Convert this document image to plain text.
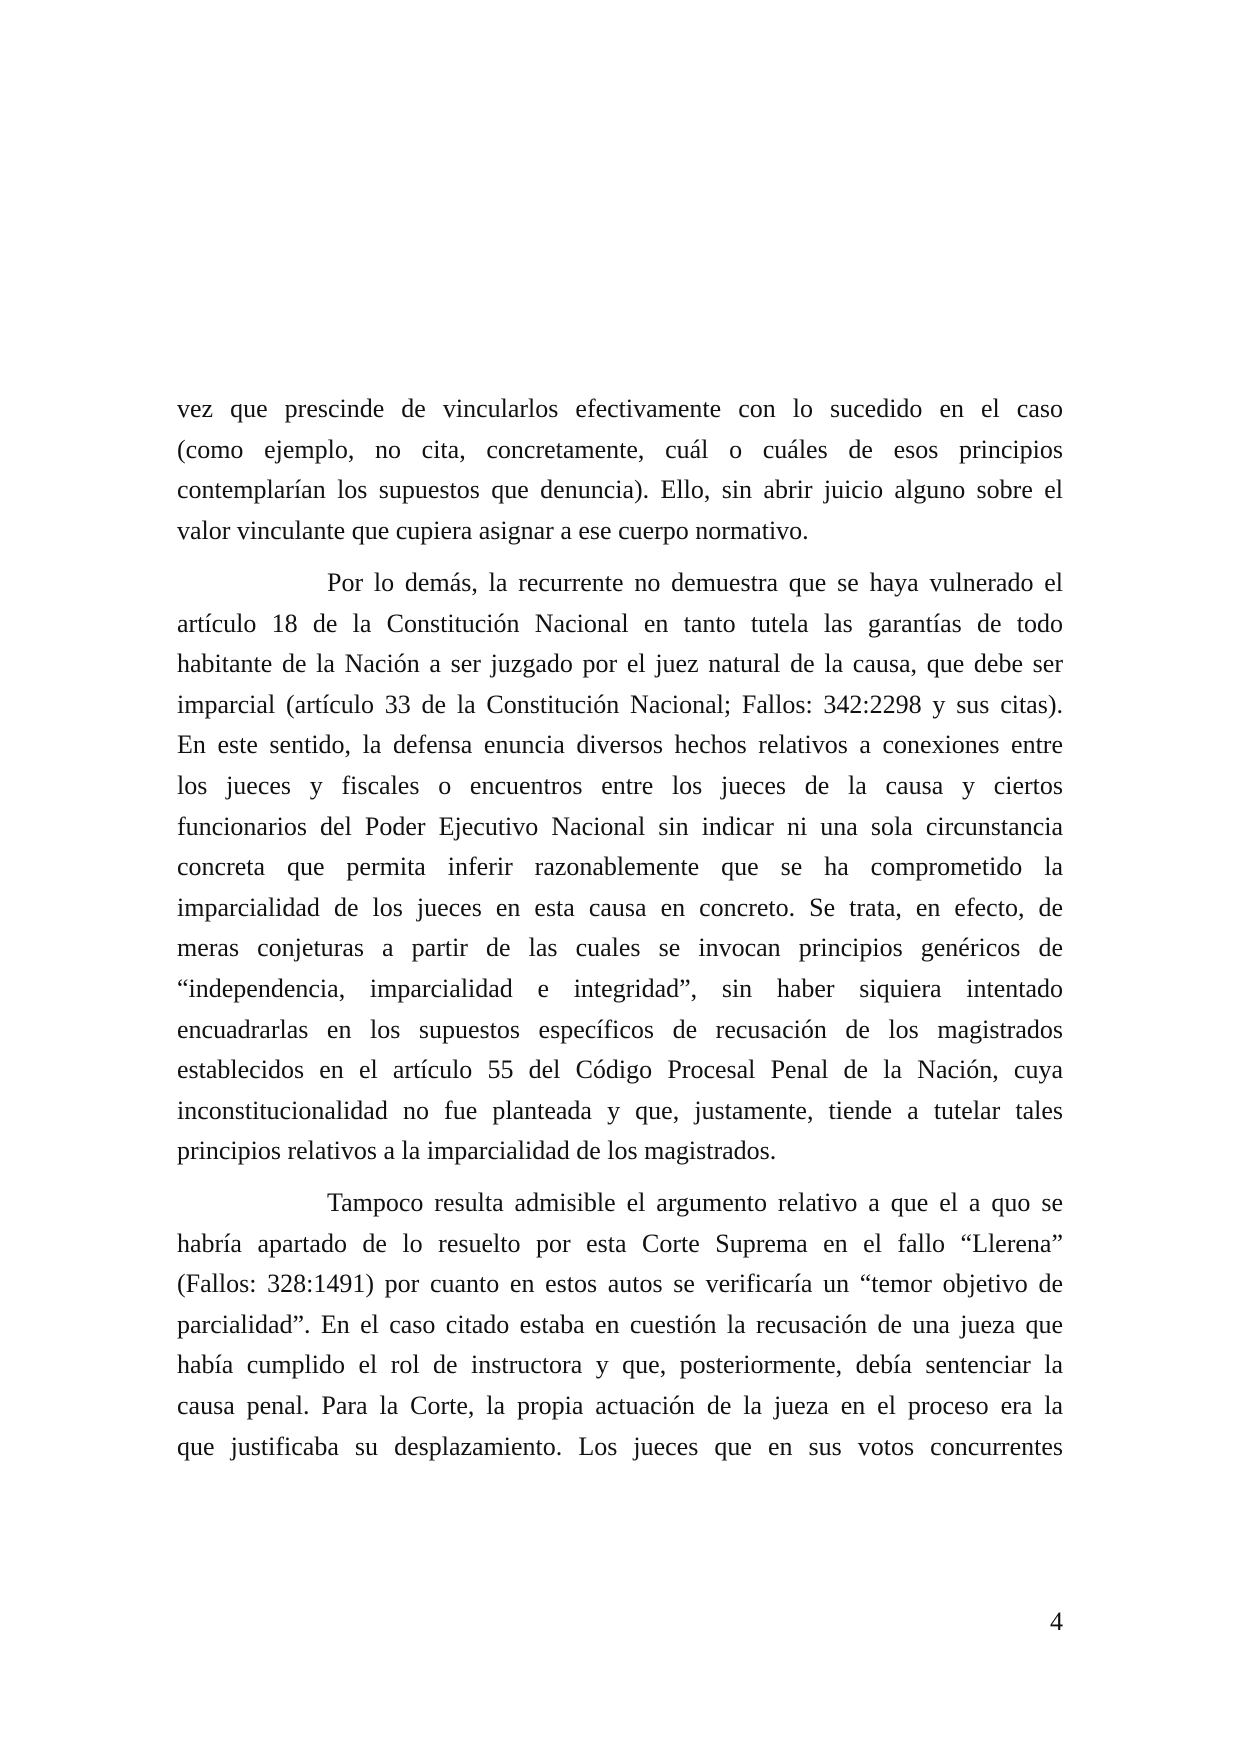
vez que prescinde de vincularlos efectivamente con lo sucedido en el caso
(como ejemplo, no cita, concretamente, cuál o cuáles de esos principios
contemplarían los supuestos que denuncia). Ello, sin abrir juicio alguno sobre el
valor vinculante que cupiera asignar a ese cuerpo normativo.
Por lo demás, la recurrente no demuestra que se haya vulnerado el
artículo 18 de la Constitución Nacional en tanto tutela las garantías de todo
habitante de la Nación a ser juzgado por el juez natural de la causa, que debe ser
imparcial (artículo 33 de la Constitución Nacional; Fallos: 342:2298 y sus citas).
En este sentido, la defensa enuncia diversos hechos relativos a conexiones entre
los jueces y fiscales o encuentros entre los jueces de la causa y ciertos
funcionarios del Poder Ejecutivo Nacional sin indicar ni una sola circunstancia
concreta que permita inferir razonablemente que se ha comprometido la
imparcialidad de los jueces en esta causa en concreto. Se trata, en efecto, de
meras conjeturas a partir de las cuales se invocan principios genéricos de
“independencia, imparcialidad e integridad”, sin haber siquiera intentado
encuadrarlas en los supuestos específicos de recusación de los magistrados
establecidos en el artículo 55 del Código Procesal Penal de la Nación, cuya
inconstitucionalidad no fue planteada y que, justamente, tiende a tutelar tales
principios relativos a la imparcialidad de los magistrados.
Tampoco resulta admisible el argumento relativo a que el a quo se
habría apartado de lo resuelto por esta Corte Suprema en el fallo “Llerena”
(Fallos: 328:1491) por cuanto en estos autos se verificaría un “temor objetivo de
parcialidad”. En el caso citado estaba en cuestión la recusación de una jueza que
había cumplido el rol de instructora y que, posteriormente, debía sentenciar la
causa penal. Para la Corte, la propia actuación de la jueza en el proceso era la
que justificaba su desplazamiento. Los jueces que en sus votos concurrentes
4
